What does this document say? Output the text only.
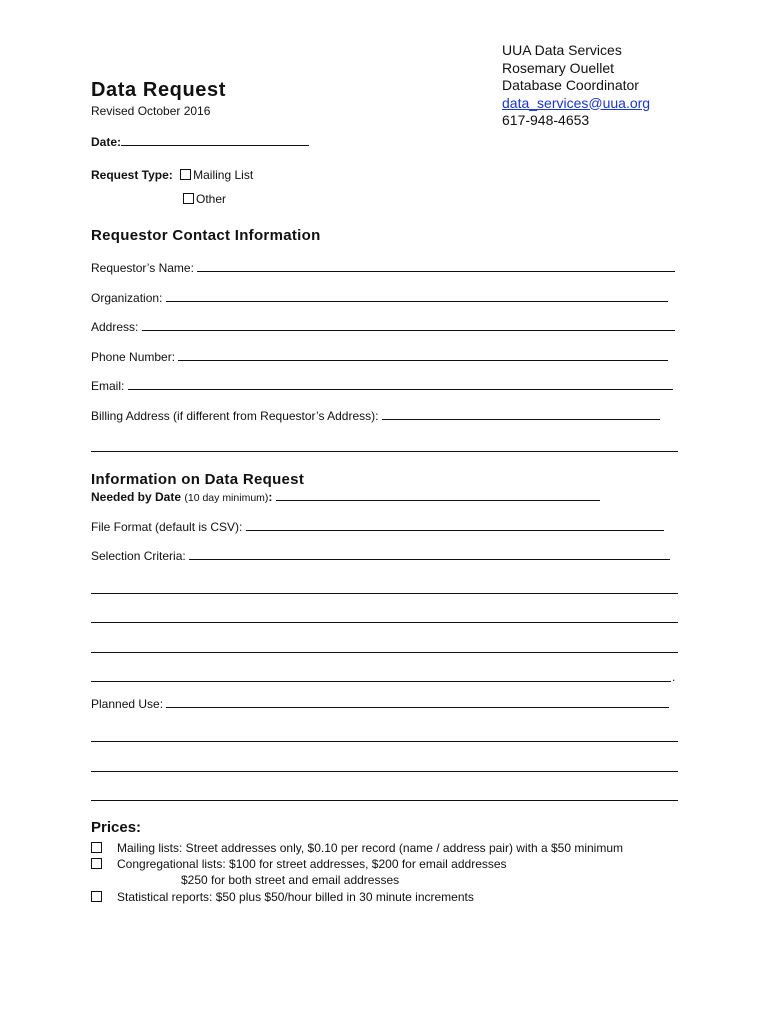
UUA Data Services
Rosemary Ouellet
Database Coordinator
data_services@uua.org
617-948-4653
Data Request
Revised October 2016
Date:
Request Type: Mailing List
Other
Requestor Contact Information
Requestor’s Name:
Organization:
Address:
Phone Number:
Email:
Billing Address (if different from Requestor’s Address):
Information on Data Request
Needed by Date (10 day minimum):
File Format (default is CSV):
Selection Criteria:
.
Planned Use:
Prices:
Mailing lists: Street addresses only, $0.10 per record (name / address pair) with a $50 minimum
Congregational lists: $100 for street addresses, $200 for email addresses
$250 for both street and email addresses
Statistical reports: $50 plus $50/hour billed in 30 minute increments
